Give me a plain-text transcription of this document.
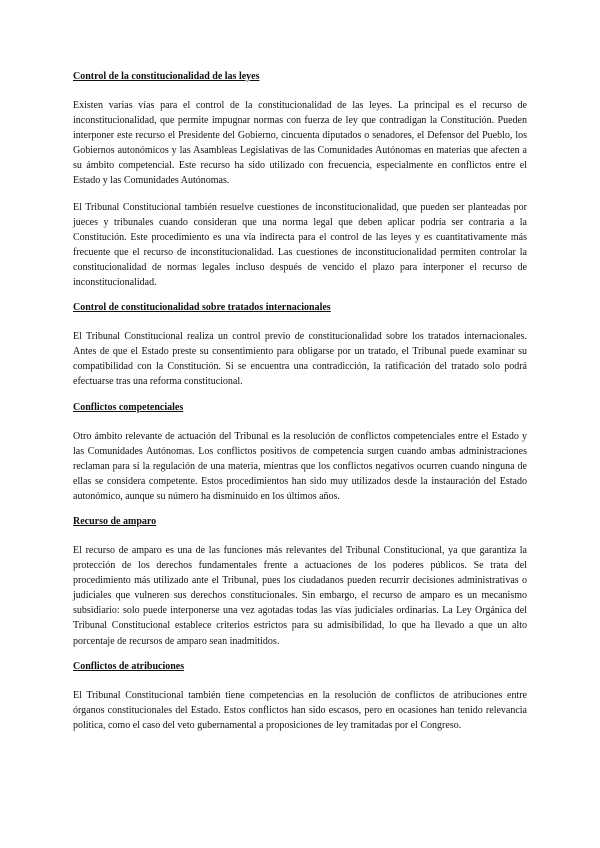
Control de la constitucionalidad de las leyes

Existen varias vías para el control de la constitucionalidad de las leyes. La principal es el recurso de inconstitucionalidad, que permite impugnar normas con fuerza de ley que contradigan la Constitución. Pueden interponer este recurso el Presidente del Gobierno, cincuenta diputados o senadores, el Defensor del Pueblo, los Gobiernos autonómicos y las Asambleas Legislativas de las Comunidades Autónomas en materias que afecten a su ámbito competencial. Este recurso ha sido utilizado con frecuencia, especialmente en conflictos entre el Estado y las Comunidades Autónomas.

El Tribunal Constitucional también resuelve cuestiones de inconstitucionalidad, que pueden ser planteadas por jueces y tribunales cuando consideran que una norma legal que deben aplicar podría ser contraria a la Constitución. Este procedimiento es una vía indirecta para el control de las leyes y es cuantitativamente más frecuente que el recurso de inconstitucionalidad. Las cuestiones de inconstitucionalidad permiten controlar la constitucionalidad de normas legales incluso después de vencido el plazo para interponer el recurso de inconstitucionalidad.

Control de constitucionalidad sobre tratados internacionales

El Tribunal Constitucional realiza un control previo de constitucionalidad sobre los tratados internacionales. Antes de que el Estado preste su consentimiento para obligarse por un tratado, el Tribunal puede examinar su compatibilidad con la Constitución. Si se encuentra una contradicción, la ratificación del tratado solo podrá efectuarse tras una reforma constitucional.

Conflictos competenciales

Otro ámbito relevante de actuación del Tribunal es la resolución de conflictos competenciales entre el Estado y las Comunidades Autónomas. Los conflictos positivos de competencia surgen cuando ambas administraciones reclaman para sí la regulación de una materia, mientras que los conflictos negativos ocurren cuando ninguna de ellas se considera competente. Estos procedimientos han sido muy utilizados desde la instauración del Estado autonómico, aunque su número ha disminuido en los últimos años.

Recurso de amparo

El recurso de amparo es una de las funciones más relevantes del Tribunal Constitucional, ya que garantiza la protección de los derechos fundamentales frente a actuaciones de los poderes públicos. Se trata del procedimiento más utilizado ante el Tribunal, pues los ciudadanos pueden recurrir decisiones administrativas o judiciales que vulneren sus derechos constitucionales. Sin embargo, el recurso de amparo es un mecanismo subsidiario: solo puede interponerse una vez agotadas todas las vías judiciales ordinarias. La Ley Orgánica del Tribunal Constitucional establece criterios estrictos para su admisibilidad, lo que ha llevado a que un alto porcentaje de recursos de amparo sean inadmitidos.

Conflictos de atribuciones

El Tribunal Constitucional también tiene competencias en la resolución de conflictos de atribuciones entre órganos constitucionales del Estado. Estos conflictos han sido escasos, pero en ocasiones han tenido relevancia política, como el caso del veto gubernamental a proposiciones de ley tramitadas por el Congreso.
